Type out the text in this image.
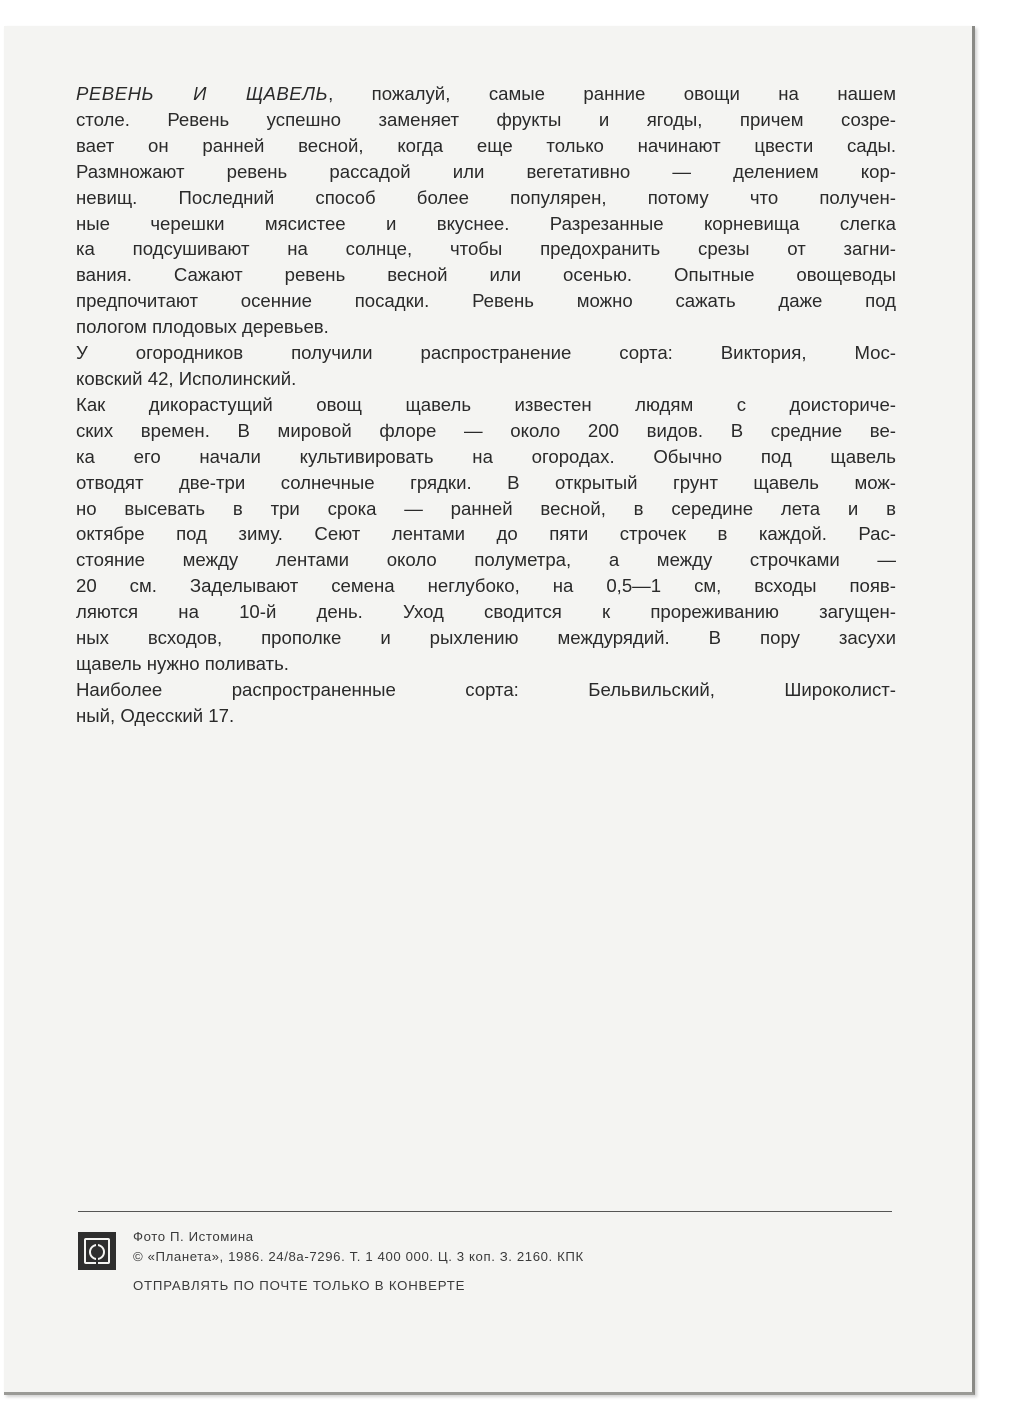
РЕВЕНЬ И ЩАВЕЛЬ, пожалуй, самые ранние овощи на нашем
столе. Ревень успешно заменяет фрукты и ягоды, причем созре-
вает он ранней весной, когда еще только начинают цвести сады.
Размножают ревень рассадой или вегетативно — делением кор-
невищ. Последний способ более популярен, потому что получен-
ные черешки мясистее и вкуснее. Разрезанные корневища слегка
ка подсушивают на солнце, чтобы предохранить срезы от загни-
вания. Сажают ревень весной или осенью. Опытные овощеводы
предпочитают осенние посадки. Ревень можно сажать даже под
пологом плодовых деревьев.

У огородников получили распространение сорта: Виктория, Мос-
ковский 42, Исполинский.

Как дикорастущий овощ щавель известен людям с доисториче-
ских времен. В мировой флоре — около 200 видов. В средние ве-
ка его начали культивировать на огородах. Обычно под щавель
отводят две-три солнечные грядки. В открытый грунт щавель мож-
но высевать в три срока — ранней весной, в середине лета и в
октябре под зиму. Сеют лентами до пяти строчек в каждой. Рас-
стояние между лентами около полуметра, а между строчками —
20 см. Заделывают семена неглубоко, на 0,5—1 см, всходы появ-
ляются на 10-й день. Уход сводится к прореживанию загущен-
ных всходов, прополке и рыхлению междурядий. В пору засухи
щавель нужно поливать.

Наиболее распространенные сорта: Бельвильский, Широколист-
ный, Одесский 17.

Фото П. Истомина
© «Планета», 1986. 24/8а-7296. Т. 1 400 000. Ц. 3 коп. З. 2160. КПК
ОТПРАВЛЯТЬ ПО ПОЧТЕ ТОЛЬКО В КОНВЕРТЕ
